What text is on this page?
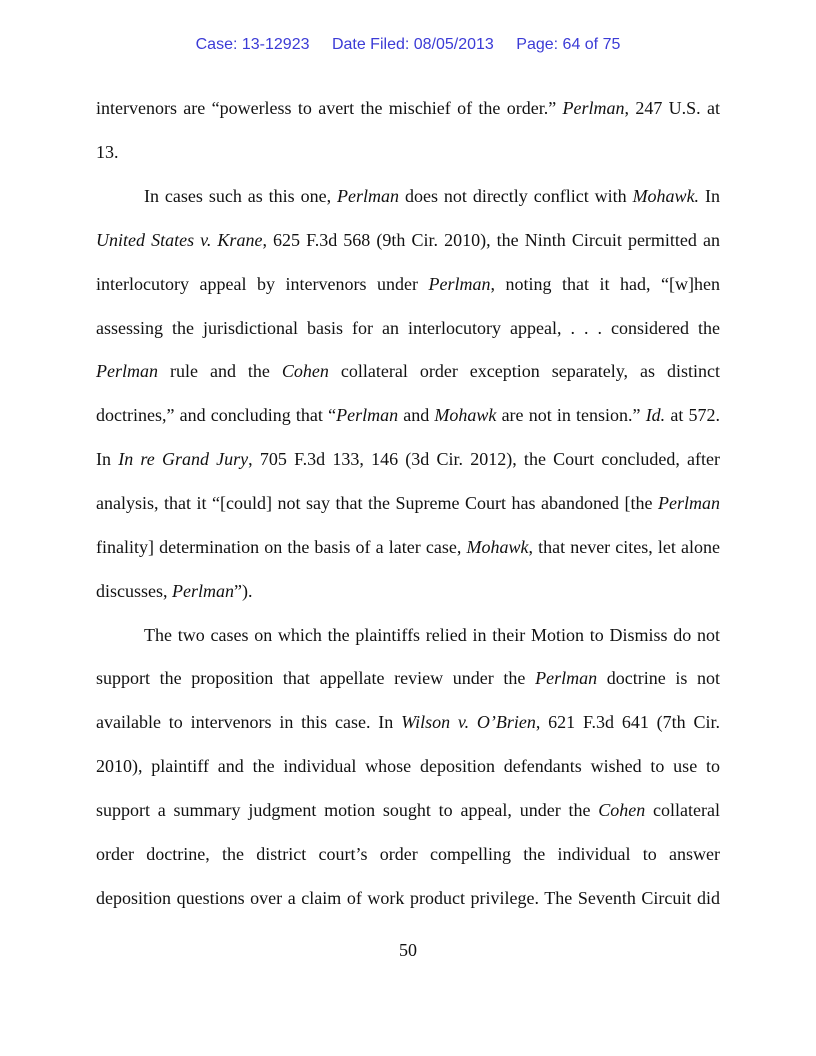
Case: 13-12923 Date Filed: 08/05/2013 Page: 64 of 75
intervenors are “powerless to avert the mischief of the order.” Perlman, 247 U.S. at
13.
In cases such as this one, Perlman does not directly conflict with Mohawk. In
United States v. Krane, 625 F.3d 568 (9th Cir. 2010), the Ninth Circuit permitted an
interlocutory appeal by intervenors under Perlman, noting that it had, “[w]hen
assessing the jurisdictional basis for an interlocutory appeal, . . . considered the
Perlman rule and the Cohen collateral order exception separately, as distinct
doctrines,” and concluding that “Perlman and Mohawk are not in tension.” Id. at 572.
In In re Grand Jury, 705 F.3d 133, 146 (3d Cir. 2012), the Court concluded, after
analysis, that it “[could] not say that the Supreme Court has abandoned [the Perlman
finality] determination on the basis of a later case, Mohawk, that never cites, let alone
discusses, Perlman”).
The two cases on which the plaintiffs relied in their Motion to Dismiss do not
support the proposition that appellate review under the Perlman doctrine is not
available to intervenors in this case. In Wilson v. O’Brien, 621 F.3d 641 (7th Cir.
2010), plaintiff and the individual whose deposition defendants wished to use to
support a summary judgment motion sought to appeal, under the Cohen collateral
order doctrine, the district court’s order compelling the individual to answer
deposition questions over a claim of work product privilege. The Seventh Circuit did
50
